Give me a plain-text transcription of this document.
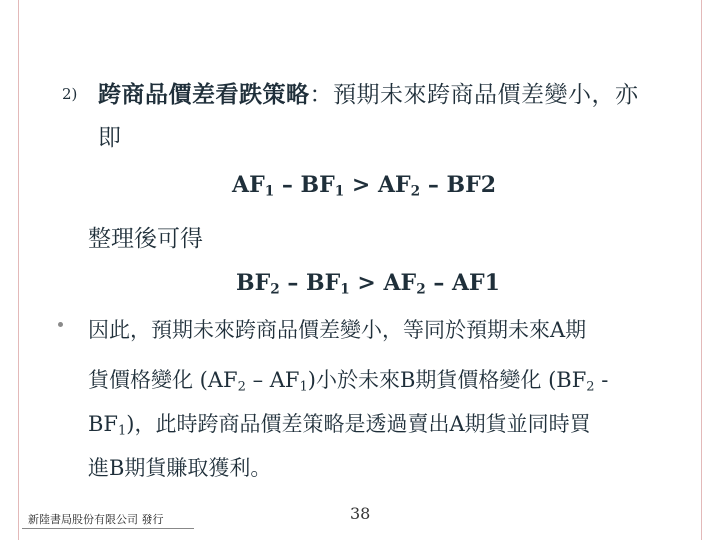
2) 跨商品價差看跌策略：預期未來跨商品價差變小，亦
即
$AF_1 - BF_1 > AF_2 - BF2$
整理後可得
$BF_2 - BF_1 > AF_2 - AF1$
因此，預期未來跨商品價差變小，等同於預期未來A期
貨價格變化 $(AF_2 - AF_1)$小於未來B期貨價格變化 ($BF_2$ -
$BF_1$)，此時跨商品價差策略是透過賣出A期貨並同時買
進B期貨賺取獲利。
新陸書局股份有限公司 發行	38
